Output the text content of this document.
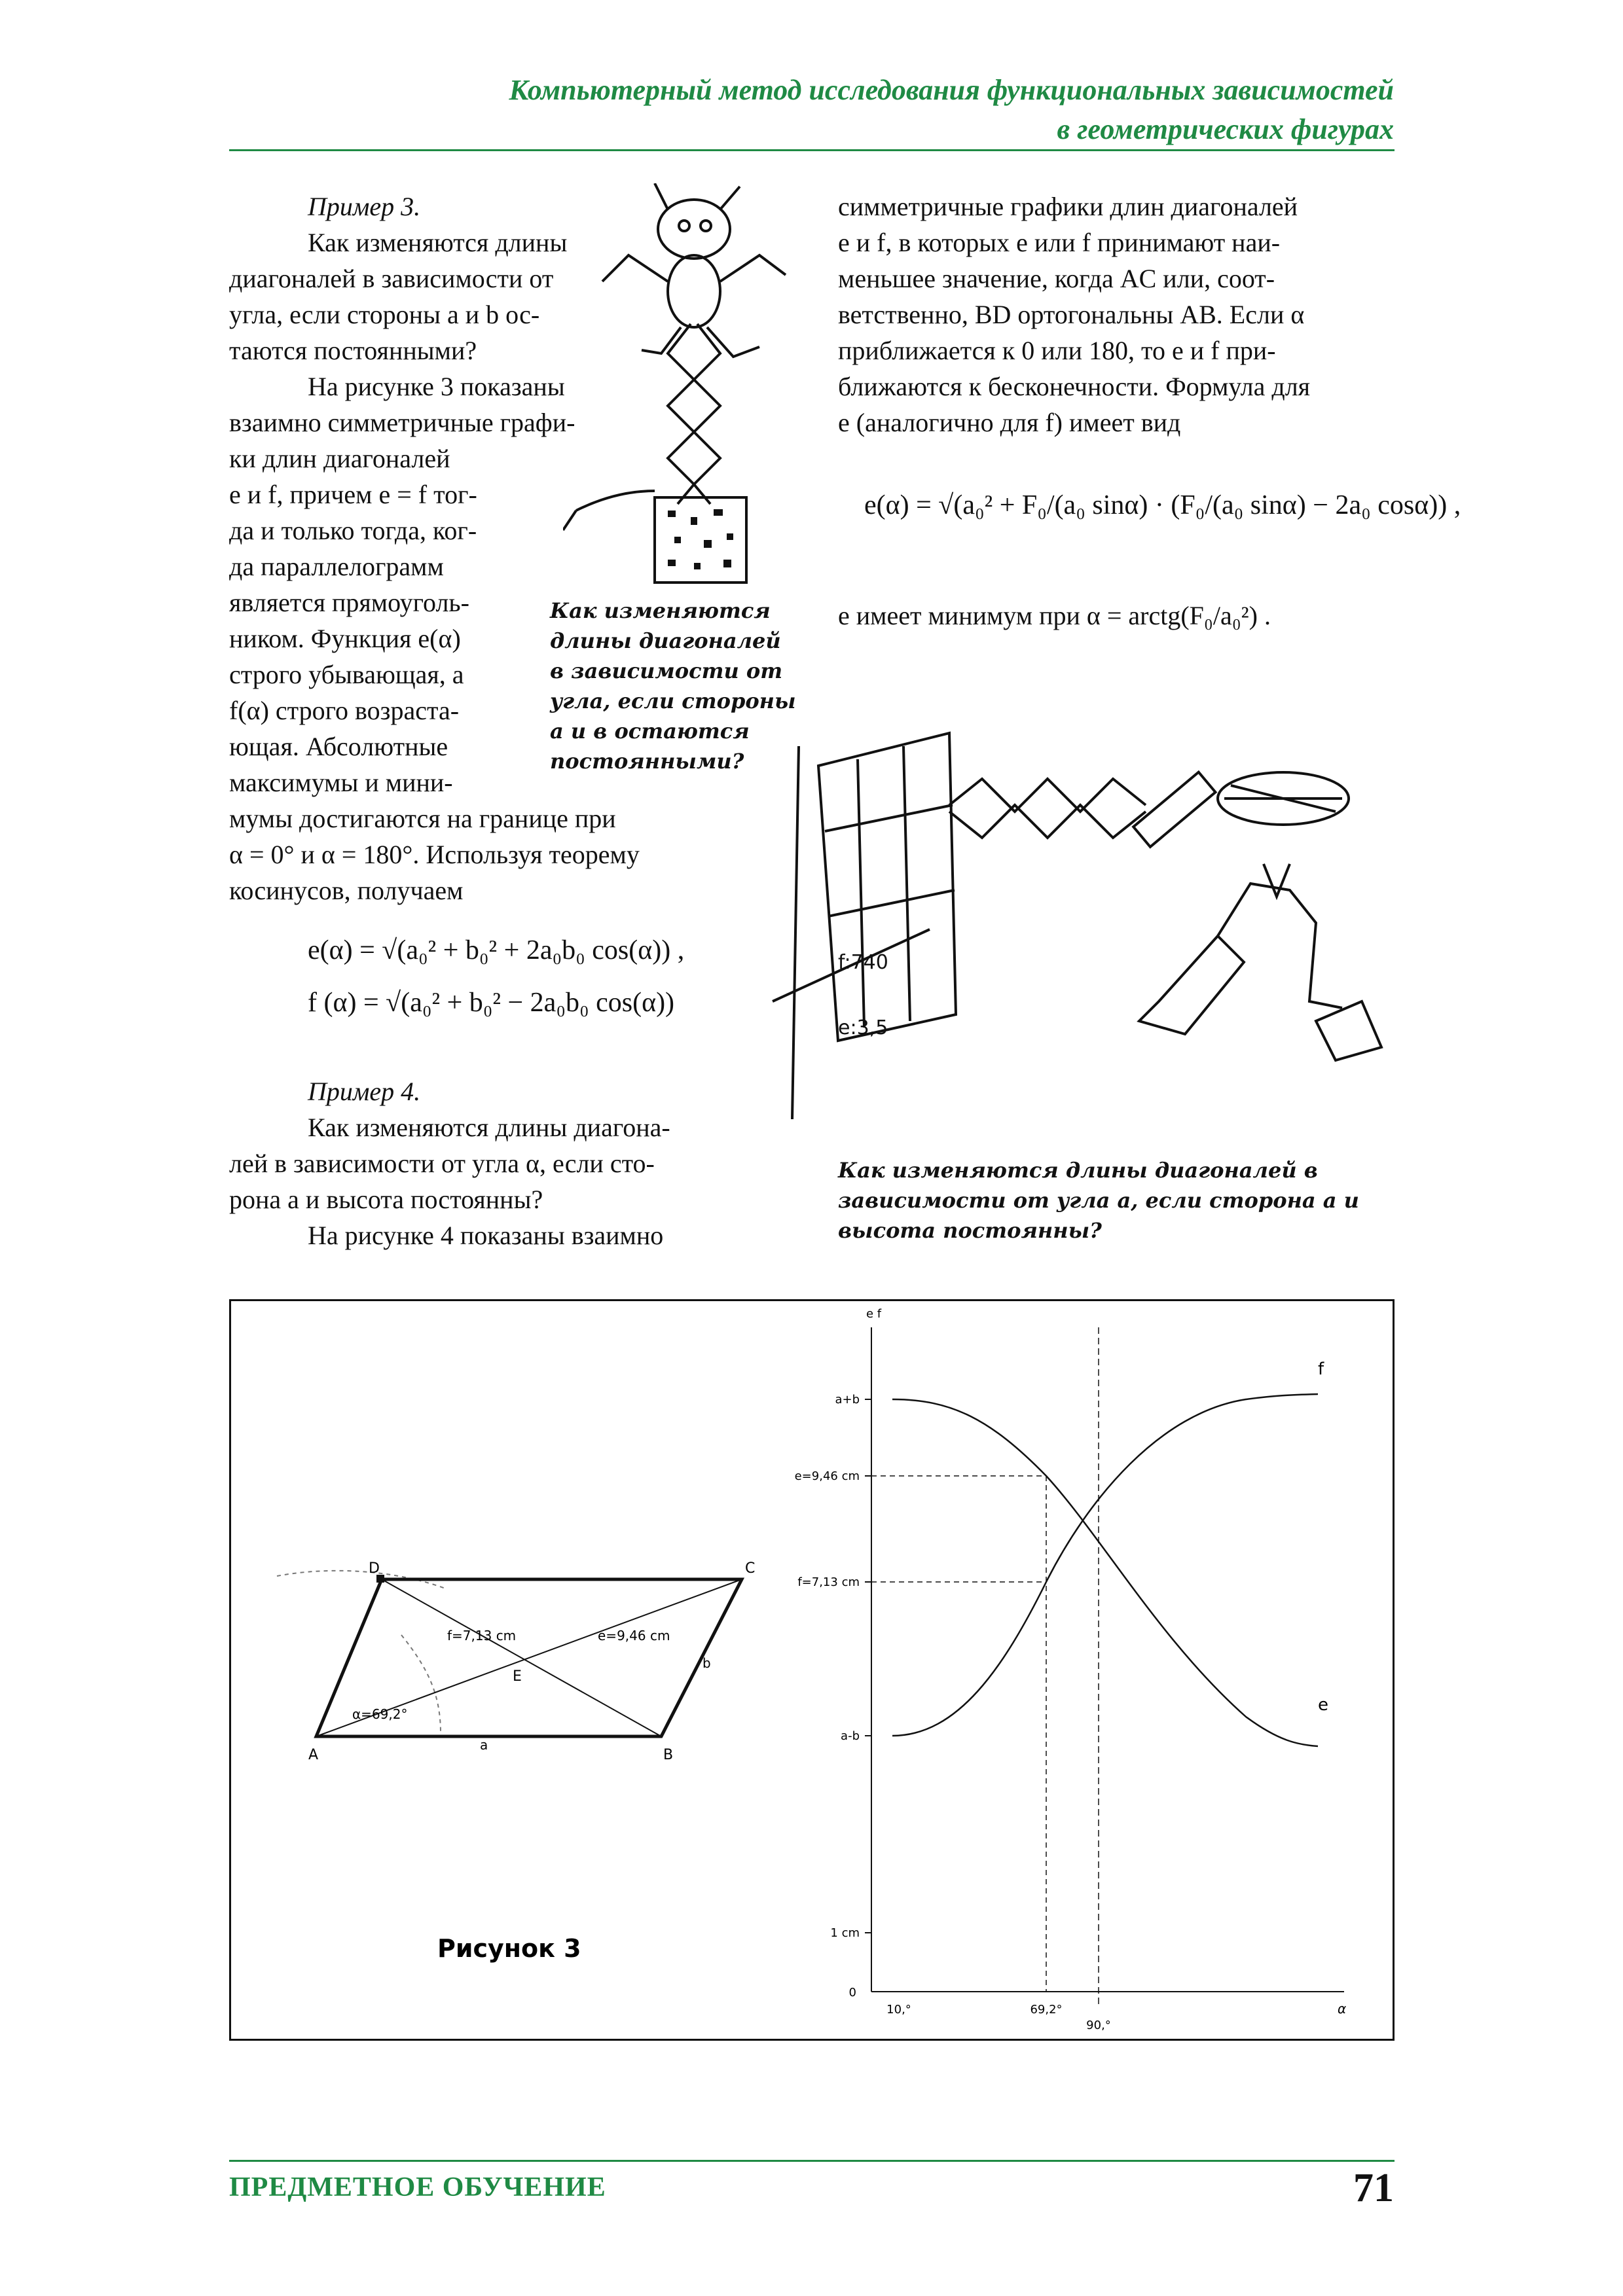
Компьютерный метод исследования функциональных зависимостей
в геометрических фигурах
Пример 3.
Как изменяются длины
диагоналей в зависимости от
угла, если стороны a и b ос-
таются постоянными?
На рисунке 3 показаны
взаимно симметричные графи-
ки длин диагоналей
e и f, причем e = f тог-
да и только тогда, ког-
да параллелограмм
является прямоуголь-
ником. Функция e(α)
строго убывающая, а
f(α) строго возраста-
ющая. Абсолютные
максимумы и мини-
мумы достигаются на границе при
α = 0° и α = 180°. Используя теорему
косинусов, получаем
e(α) = √(a₀² + b₀² + 2a₀b₀ cos(α)) ,
f (α) = √(a₀² + b₀² − 2a₀b₀ cos(α))
Пример 4.
Как изменяются длины диагона-
лей в зависимости от угла α, если сто-
рона a и высота постоянны?
На рисунке 4 показаны взаимно
Как изменяются
длины диагоналей
в зависимости от
угла, если стороны
а и в остаются
постоянными?
симметричные графики длин диагоналей
e и f, в которых e или f принимают наи-
меньшее значение, когда AC или, соот-
ветственно, BD ортогональны AB. Если α
приближается к 0 или 180, то e и f при-
ближаются к бесконечности. Формула для
e (аналогично для f) имеет вид
e(α) = √(a₀² + F₀/(a₀ sinα) · (F₀/(a₀ sinα) − 2a₀ cosα)) ,
e имеет минимум при α = arctg(F₀/a₀²) .
f:740
e:3,5
Как изменяются длины диагоналей в
зависимости от угла а, если сторона а и
высота постоянны?
A	B
C
D
E
a
b
f=7,13 cm	e=9,46 cm
α=69,2°
e f
a+b
e=9,46 cm
f=7,13 cm
a-b
1 cm
0
10,°	69,2°
90,°
α
f
e
Рисунок 3
ПРЕДМЕТНОЕ ОБУЧЕНИЕ	71
